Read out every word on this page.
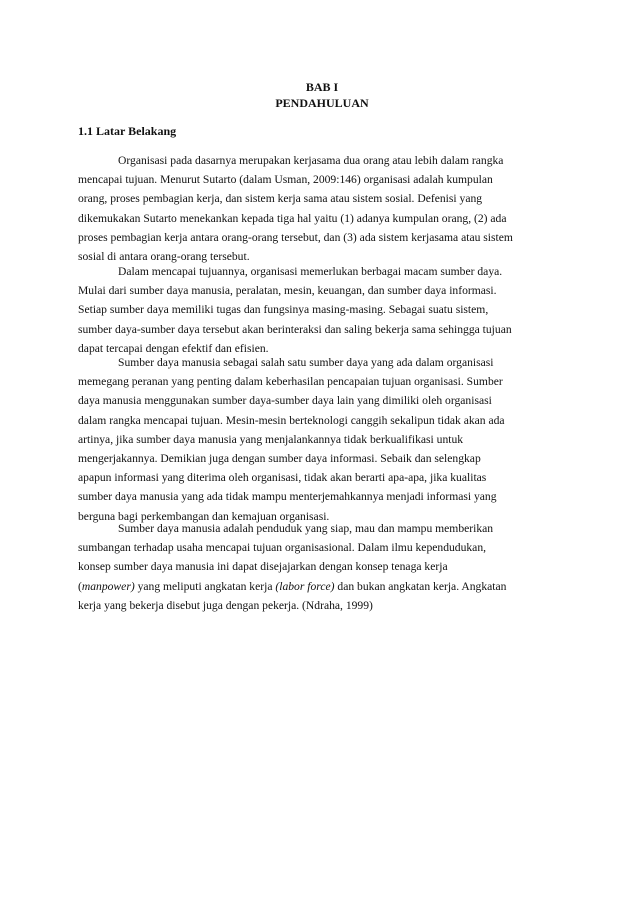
BAB I
PENDAHULUAN
1.1 Latar Belakang

Organisasi pada dasarnya merupakan kerjasama dua orang atau lebih dalam rangka
mencapai tujuan. Menurut Sutarto (dalam Usman, 2009:146) organisasi adalah kumpulan
orang, proses pembagian kerja, dan sistem kerja sama atau sistem sosial. Defenisi yang
dikemukakan Sutarto menekankan kepada tiga hal yaitu (1) adanya kumpulan orang, (2) ada
proses pembagian kerja antara orang-orang tersebut, dan (3) ada sistem kerjasama atau sistem
sosial di antara orang-orang tersebut.

Dalam mencapai tujuannya, organisasi memerlukan berbagai macam sumber daya.
Mulai dari sumber daya manusia, peralatan, mesin, keuangan, dan sumber daya informasi.
Setiap sumber daya memiliki tugas dan fungsinya masing-masing. Sebagai suatu sistem,
sumber daya-sumber daya tersebut akan berinteraksi dan saling bekerja sama sehingga tujuan
dapat tercapai dengan efektif dan efisien.

Sumber daya manusia sebagai salah satu sumber daya yang ada dalam organisasi
memegang peranan yang penting dalam keberhasilan pencapaian tujuan organisasi. Sumber
daya manusia menggunakan sumber daya-sumber daya lain yang dimiliki oleh organisasi
dalam rangka mencapai tujuan. Mesin-mesin berteknologi canggih sekalipun tidak akan ada
artinya, jika sumber daya manusia yang menjalankannya tidak berkualifikasi untuk
mengerjakannya. Demikian juga dengan sumber daya informasi. Sebaik dan selengkap
apapun informasi yang diterima oleh organisasi, tidak akan berarti apa-apa, jika kualitas
sumber daya manusia yang ada tidak mampu menterjemahkannya menjadi informasi yang
berguna bagi perkembangan dan kemajuan organisasi.

Sumber daya manusia adalah penduduk yang siap, mau dan mampu memberikan
sumbangan terhadap usaha mencapai tujuan organisasional. Dalam ilmu kependudukan,
konsep sumber daya manusia ini dapat disejajarkan dengan konsep tenaga kerja
(manpower) yang meliputi angkatan kerja (labor force) dan bukan angkatan kerja. Angkatan
kerja yang bekerja disebut juga dengan pekerja. (Ndraha, 1999)
